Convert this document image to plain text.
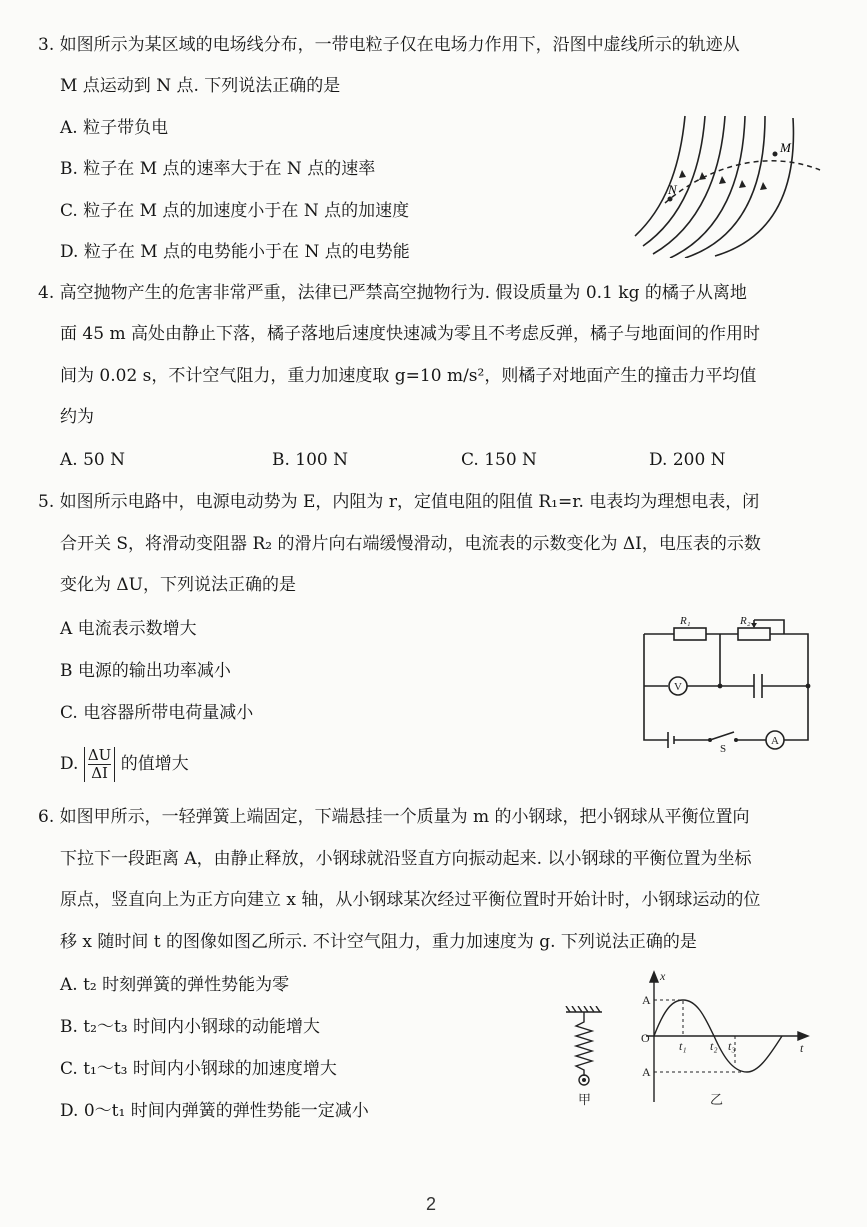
3. 如图所示为某区域的电场线分布，一带电粒子仅在电场力作用下，沿图中虚线所示的轨迹从
M 点运动到 N 点. 下列说法正确的是
A. 粒子带负电
B. 粒子在 M 点的速率大于在 N 点的速率
C. 粒子在 M 点的加速度小于在 N 点的加速度
D. 粒子在 M 点的电势能小于在 N 点的电势能
M
N
4. 高空抛物产生的危害非常严重，法律已严禁高空抛物行为. 假设质量为 0.1 kg 的橘子从离地
面 45 m 高处由静止下落，橘子落地后速度快速减为零且不考虑反弹，橘子与地面间的作用时
间为 0.02 s，不计空气阻力，重力加速度取 g=10 m/s²，则橘子对地面产生的撞击力平均值
约为
A. 50 N	B. 100 N	C. 150 N	D. 200 N
5. 如图所示电路中，电源电动势为 E，内阻为 r，定值电阻的阻值 R₁=r. 电表均为理想电表，闭
合开关 S，将滑动变阻器 R₂ 的滑片向右端缓慢滑动，电流表的示数变化为 ΔI，电压表的示数
变化为 ΔU，下列说法正确的是
A 电流表示数增大
B 电源的输出功率减小
C. 电容器所带电荷量减小
D. $\frac{\Delta U}{\Delta I}$ 的值增大
R₁	R₂
V
A
S
6. 如图甲所示，一轻弹簧上端固定，下端悬挂一个质量为 m 的小钢球，把小钢球从平衡位置向
下拉下一段距离 A，由静止释放，小钢球就沿竖直方向振动起来. 以小钢球的平衡位置为坐标
原点，竖直向上为正方向建立 x 轴，从小钢球某次经过平衡位置时开始计时，小钢球运动的位
移 x 随时间 t 的图像如图乙所示. 不计空气阻力，重力加速度为 g. 下列说法正确的是
A. t₂ 时刻弹簧的弹性势能为零
B. t₂～t₃ 时间内小钢球的动能增大
C. t₁～t₃ 时间内小钢球的加速度增大
D. 0～t₁ 时间内弹簧的弹性势能一定减小
甲
x
t
A
A
O
t₁ t₂ t₃
乙
2
